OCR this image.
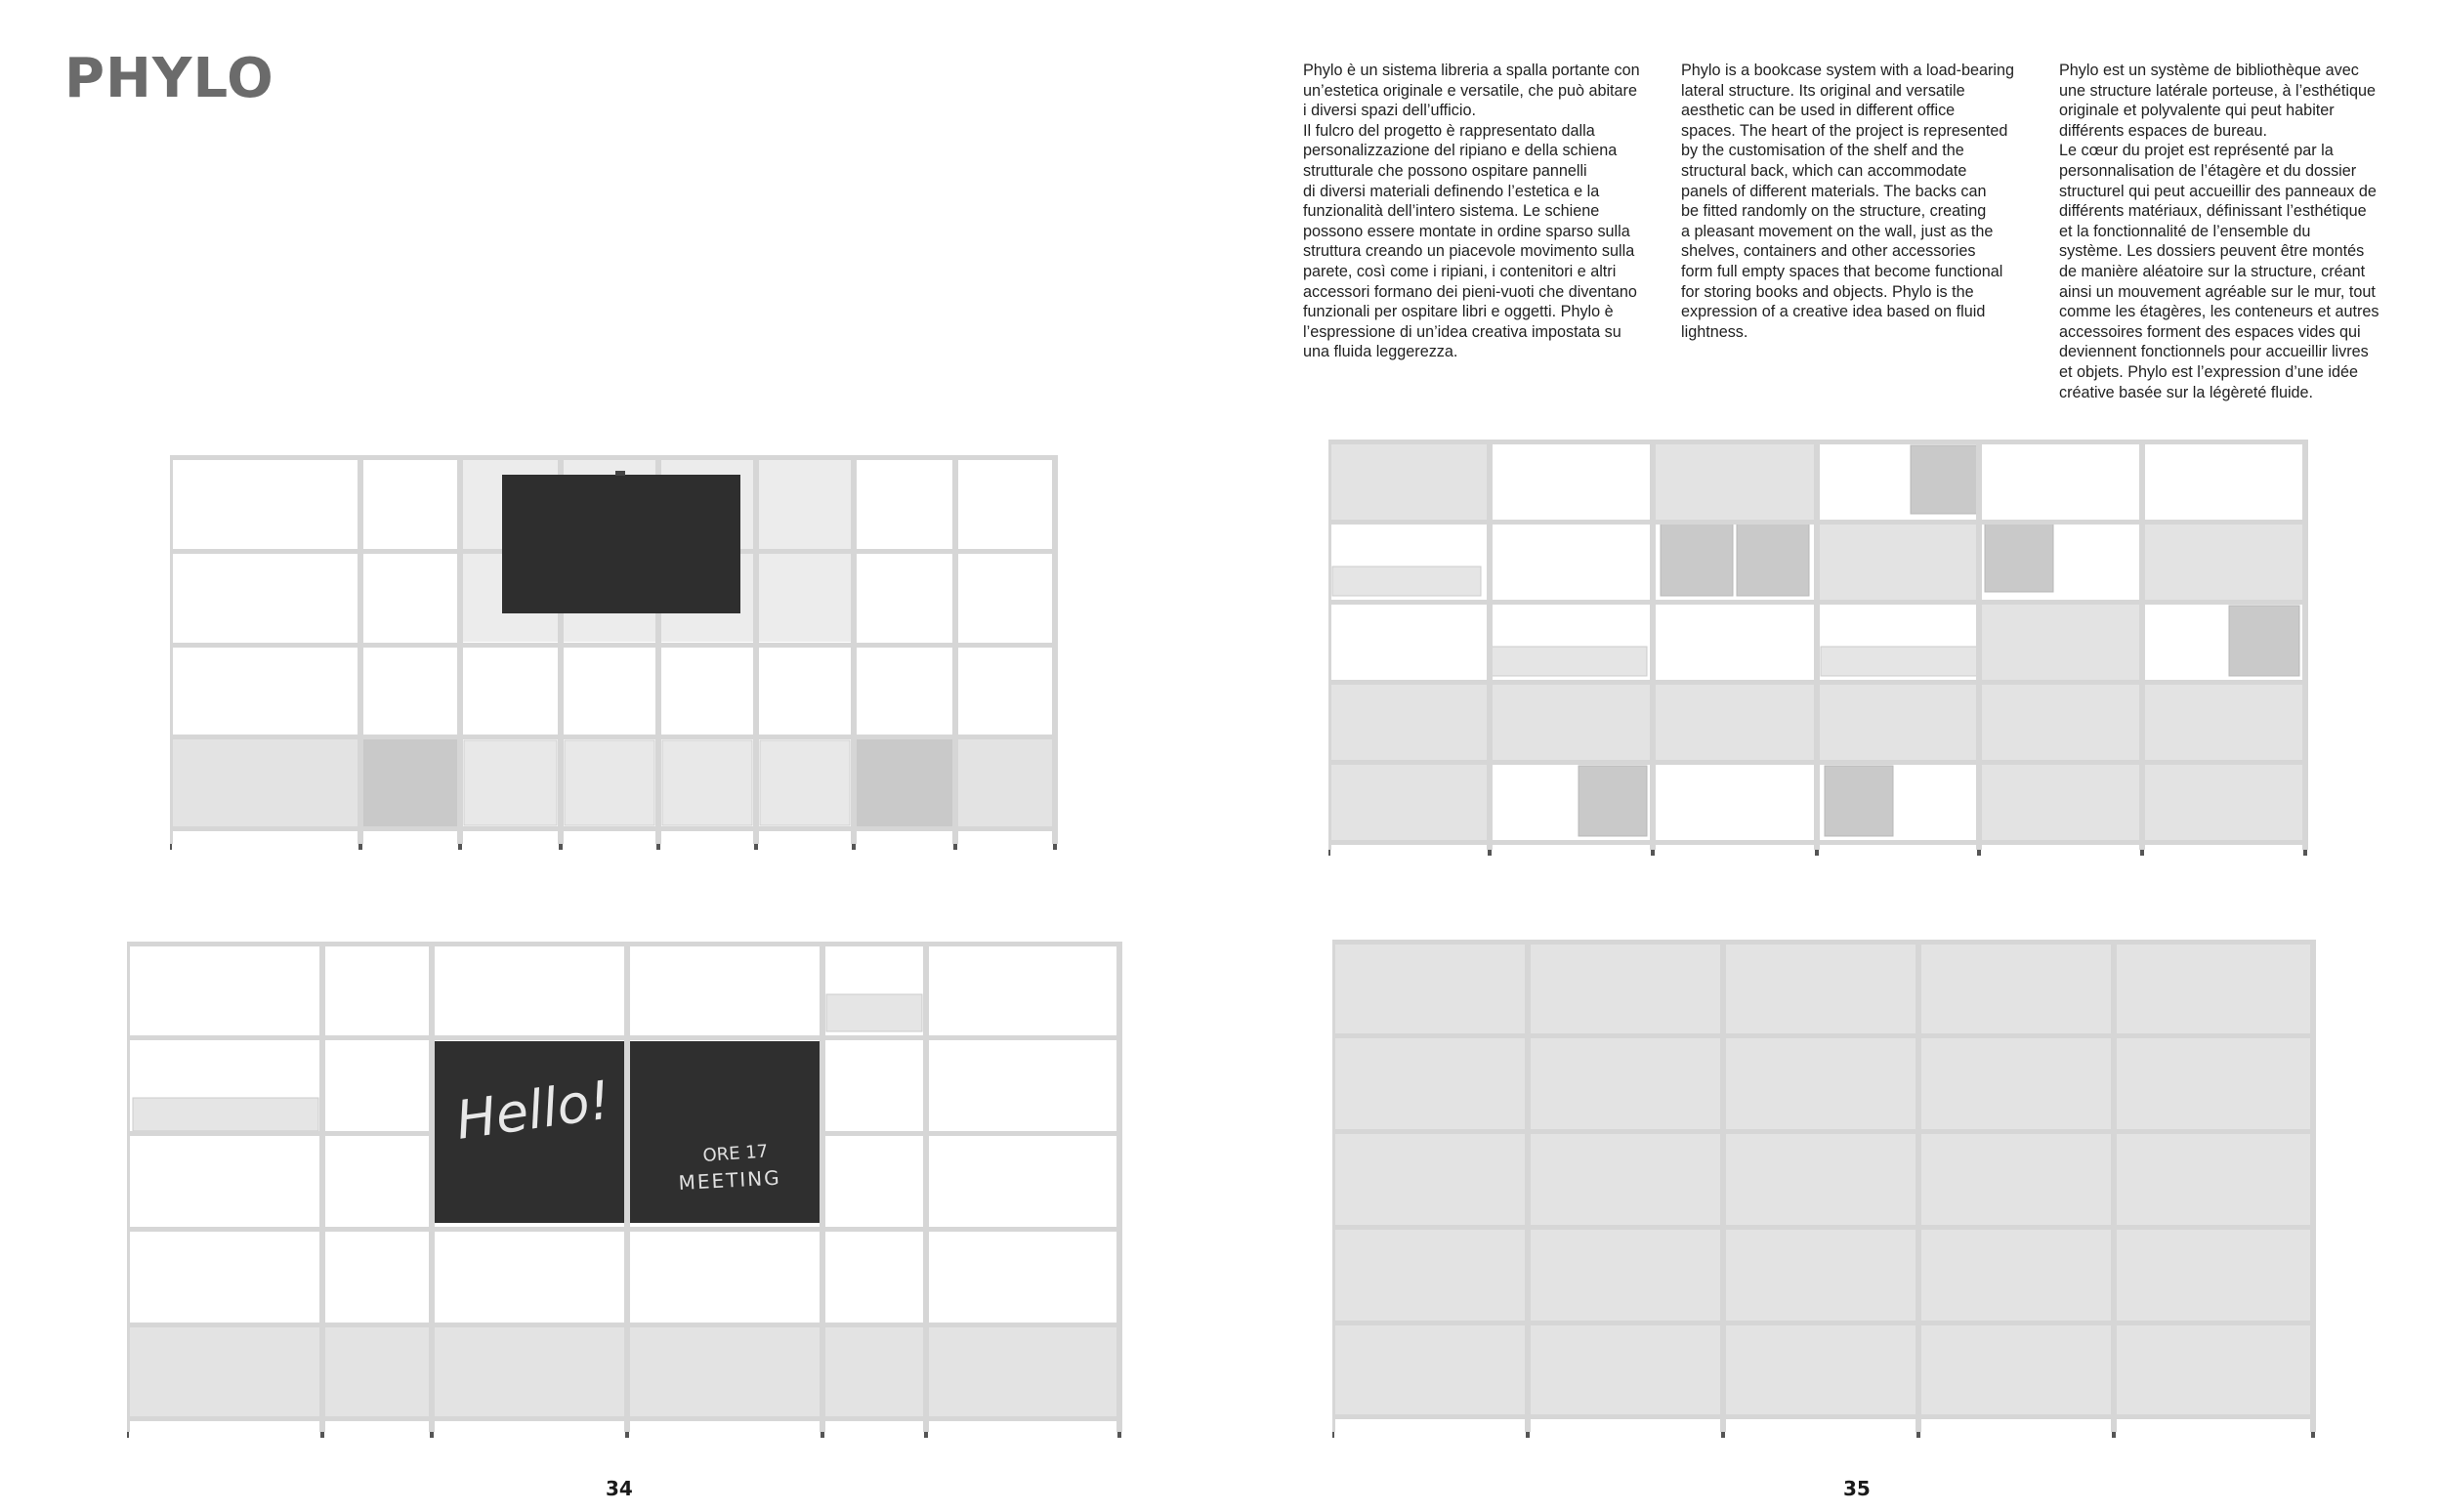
PHYLO	Phylo è un sistema libreria a spalla portante con
un’estetica originale e versatile, che può abitare
i diversi spazi dell’ufficio.
Il fulcro del progetto è rappresentato dalla
personalizzazione del ripiano e della schiena
strutturale che possono ospitare pannelli
di diversi materiali definendo l’estetica e la
funzionalità dell’intero sistema. Le schiene
possono essere montate in ordine sparso sulla
struttura creando un piacevole movimento sulla
parete, così come i ripiani, i contenitori e altri
accessori formano dei pieni-vuoti che diventano
funzionali per ospitare libri e oggetti. Phylo è
l’espressione di un’idea creativa impostata su
una fluida leggerezza.

Phylo is a bookcase system with a load-bearing
lateral structure. Its original and versatile
aesthetic can be used in different office
spaces. The heart of the project is represented
by the customisation of the shelf and the
structural back, which can accommodate
panels of different materials. The backs can
be fitted randomly on the structure, creating
a pleasant movement on the wall, just as the
shelves, containers and other accessories
form full empty spaces that become functional
for storing books and objects. Phylo is the
expression of a creative idea based on fluid
lightness.

Phylo est un système de bibliothèque avec
une structure latérale porteuse, à l’esthétique
originale et polyvalente qui peut habiter
différents espaces de bureau.
Le cœur du projet est représenté par la
personnalisation de l’étagère et du dossier
structurel qui peut accueillir des panneaux de
différents matériaux, définissant l’esthétique
et la fonctionnalité de l’ensemble du
système. Les dossiers peuvent être montés
de manière aléatoire sur la structure, créant
ainsi un mouvement agréable sur le mur, tout
comme les étagères, les conteneurs et autres
accessoires forment des espaces vides qui
deviennent fonctionnels pour accueillir livres
et objets. Phylo est l’expression d’une idée
créative basée sur la légèreté fluide.

Hello!
ORE 17
MEETING
34	35
